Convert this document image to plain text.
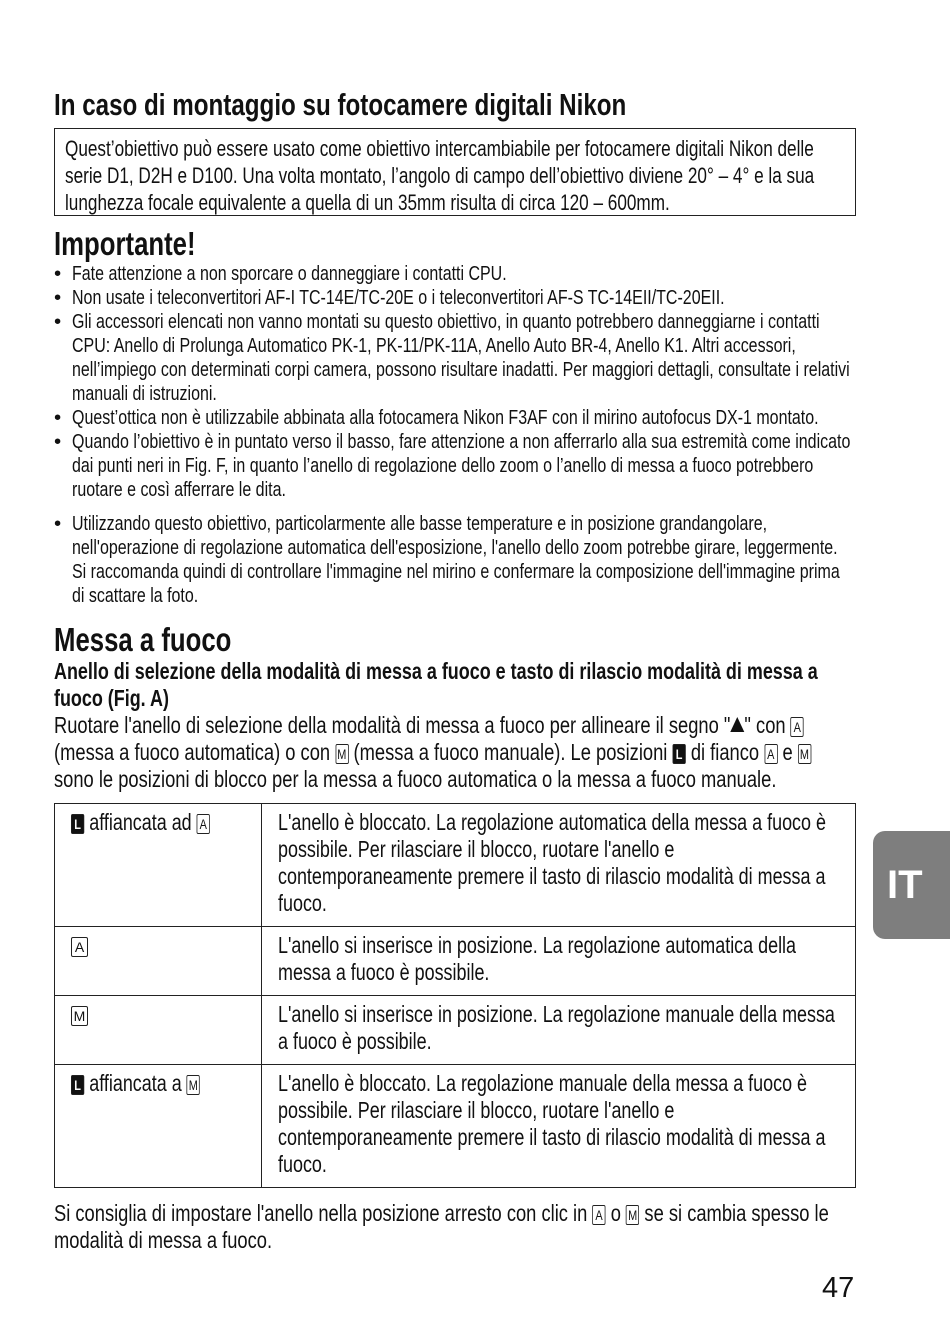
In caso di montaggio su fotocamere digitali Nikon
Quest’obiettivo può essere usato come obiettivo intercambiabile per fotocamere digitali Nikon delle serie D1, D2H e D100. Una volta montato, l’angolo di campo dell’obiettivo diviene 20° – 4° e la sua lunghezza focale equivalente a quella di un 35mm risulta di circa 120 – 600mm.
Importante!
• Fate attenzione a non sporcare o danneggiare i contatti CPU.
• Non usate i teleconvertitori AF-I TC-14E/TC-20E o i teleconvertitori AF-S TC-14EII/TC-20EII.
• Gli accessori elencati non vanno montati su questo obiettivo, in quanto potrebbero danneggiarne i contatti CPU: Anello di Prolunga Automatico PK-1, PK-11/PK-11A, Anello Auto BR-4, Anello K1. Altri accessori, nell’impiego con determinati corpi camera, possono risultare inadatti. Per maggiori dettagli, consultate i relativi manuali di istruzioni.
• Quest’ottica non è utilizzabile abbinata alla fotocamera Nikon F3AF con il mirino autofocus DX-1 montato.
• Quando l’obiettivo è in puntato verso il basso, fare attenzione a non afferrarlo alla sua estremità come indicato dai punti neri in Fig. F, in quanto l’anello di regolazione dello zoom o l’anello di messa a fuoco potrebbero ruotare e così afferrare le dita.
• Utilizzando questo obiettivo, particolarmente alle basse temperature e in posizione grandangolare, nell'operazione di regolazione automatica dell'esposizione, l'anello dello zoom potrebbe girare, leggermente. Si raccomanda quindi di controllare l'immagine nel mirino e confermare la composizione dell'immagine prima di scattare la foto.
Messa a fuoco
Anello di selezione della modalità di messa a fuoco e tasto di rilascio modalità di messa a fuoco (Fig. A)
Ruotare l'anello di selezione della modalità di messa a fuoco per allineare il segno " " con A (messa a fuoco automatica) o con M (messa a fuoco manuale). Le posizioni L di fianco A e M sono le posizioni di blocco per la messa a fuoco automatica o la messa a fuoco manuale.
L affiancata ad A	L'anello è bloccato. La regolazione automatica della messa a fuoco è possibile. Per rilasciare il blocco, ruotare l'anello e contemporaneamente premere il tasto di rilascio modalità di messa a fuoco.
A	L'anello si inserisce in posizione. La regolazione automatica della messa a fuoco è possibile.
M	L'anello si inserisce in posizione. La regolazione manuale della messa a fuoco è possibile.
L affiancata a M	L'anello è bloccato. La regolazione manuale della messa a fuoco è possibile. Per rilasciare il blocco, ruotare l'anello e contemporaneamente premere il tasto di rilascio modalità di messa a fuoco.
Si consiglia di impostare l'anello nella posizione arresto con clic in A o M se si cambia spesso le modalità di messa a fuoco.
IT
47
